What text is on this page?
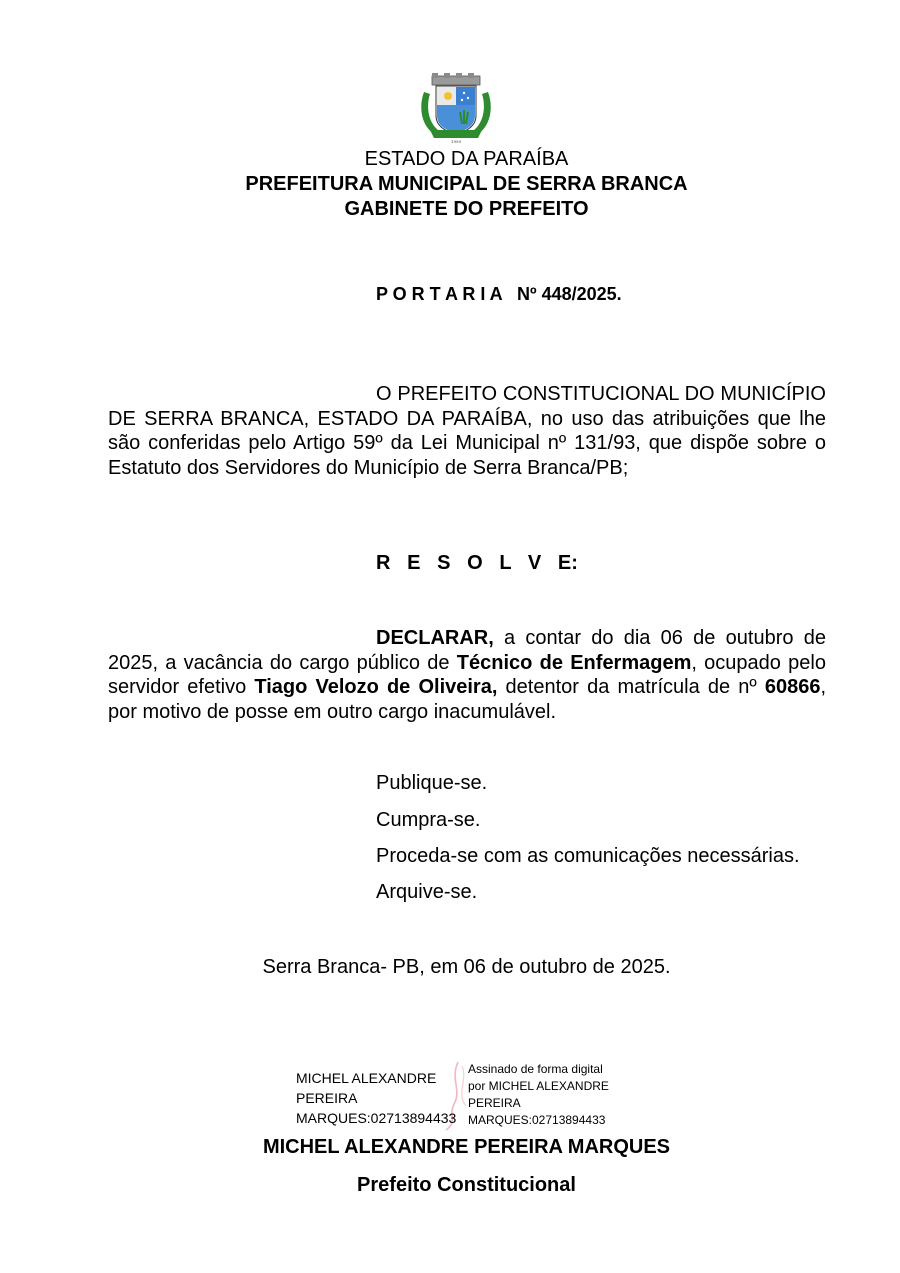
1959
ESTADO DA PARAÍBA
PREFEITURA MUNICIPAL DE SERRA BRANCA
GABINETE DO PREFEITO
P O R T A R I A   Nº 448/2025.
O PREFEITO CONSTITUCIONAL DO MUNICÍPIO DE SERRA BRANCA, ESTADO DA PARAÍBA, no uso das atribuições que lhe são conferidas pelo Artigo 59º da Lei Municipal nº 131/93, que dispõe sobre o Estatuto dos Servidores do Município de Serra Branca/PB;
R   E   S   O   L   V   E:
DECLARAR, a contar do dia 06 de outubro de 2025, a vacância do cargo público de Técnico de Enfermagem, ocupado pelo servidor efetivo Tiago Velozo de Oliveira, detentor da matrícula de nº 60866, por motivo de posse em outro cargo inacumulável.
Publique-se.
Cumpra-se.
Proceda-se com as comunicações necessárias.
Arquive-se.
Serra Branca- PB, em 06 de outubro de 2025.
MICHEL ALEXANDRE
PEREIRA
MARQUES:02713894433
Assinado de forma digital
por MICHEL ALEXANDRE
PEREIRA
MARQUES:02713894433
MICHEL ALEXANDRE PEREIRA MARQUES
Prefeito Constitucional
